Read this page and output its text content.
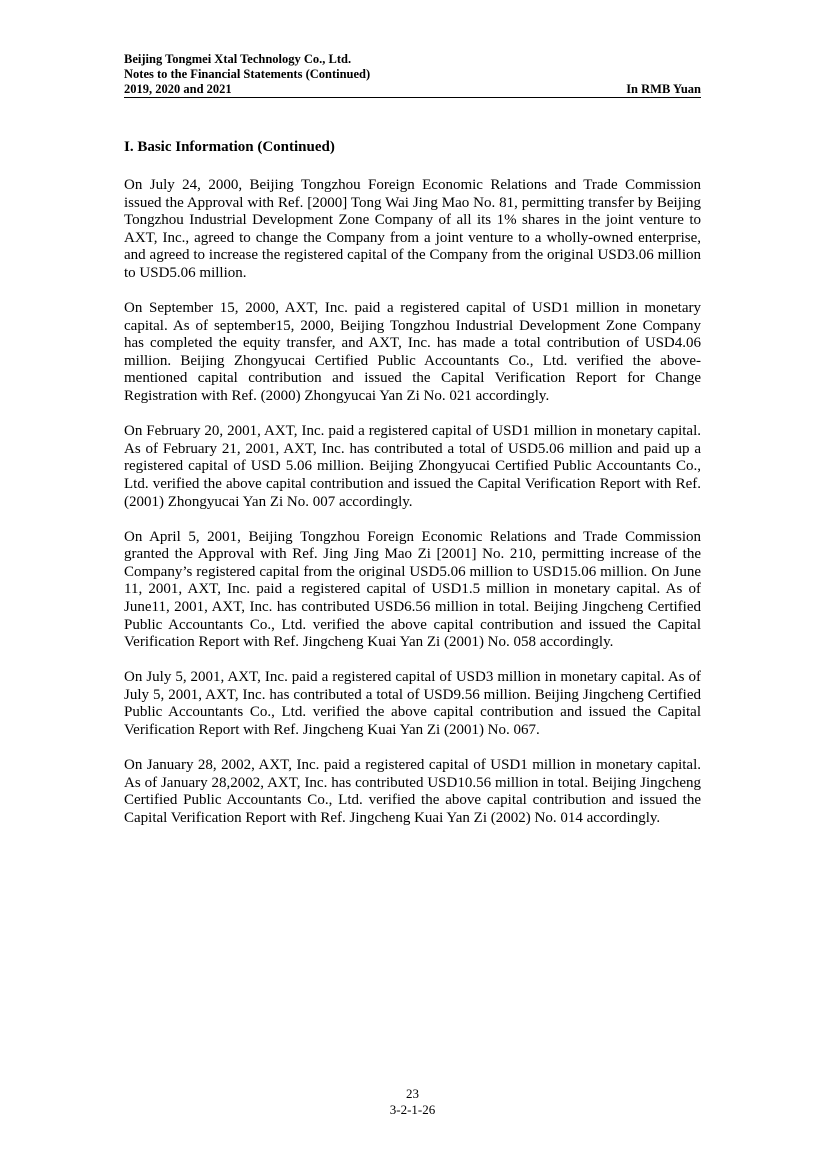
Beijing Tongmei Xtal Technology Co., Ltd.
Notes to the Financial Statements (Continued)
2019, 2020 and 2021	In RMB Yuan
I. Basic Information (Continued)

On July 24, 2000, Beijing Tongzhou Foreign Economic Relations and Trade Commission issued the Approval with Ref. [2000] Tong Wai Jing Mao No. 81, permitting transfer by Beijing Tongzhou Industrial Development Zone Company of all its 1% shares in the joint venture to AXT, Inc., agreed to change the Company from a joint venture to a wholly-owned enterprise, and agreed to increase the registered capital of the Company from the original USD3.06 million to USD5.06 million.

On September 15, 2000, AXT, Inc. paid a registered capital of USD1 million in monetary capital. As of september15, 2000, Beijing Tongzhou Industrial Development Zone Company has completed the equity transfer, and AXT, Inc. has made a total contribution of USD4.06 million. Beijing Zhongyucai Certified Public Accountants Co., Ltd. verified the above-mentioned capital contribution and issued the Capital Verification Report for Change Registration with Ref. (2000) Zhongyucai Yan Zi No. 021 accordingly.

On February 20, 2001, AXT, Inc. paid a registered capital of USD1 million in monetary capital. As of February 21, 2001, AXT, Inc. has contributed a total of USD5.06 million and paid up a registered capital of USD 5.06 million. Beijing Zhongyucai Certified Public Accountants Co., Ltd. verified the above capital contribution and issued the Capital Verification Report with Ref. (2001) Zhongyucai Yan Zi No. 007 accordingly.

On April 5, 2001, Beijing Tongzhou Foreign Economic Relations and Trade Commission granted the Approval with Ref. Jing Jing Mao Zi [2001] No. 210, permitting increase of the Company’s registered capital from the original USD5.06 million to USD15.06 million. On June 11, 2001, AXT, Inc. paid a registered capital of USD1.5 million in monetary capital. As of June11, 2001, AXT, Inc. has contributed USD6.56 million in total. Beijing Jingcheng Certified Public Accountants Co., Ltd. verified the above capital contribution and issued the Capital Verification Report with Ref. Jingcheng Kuai Yan Zi (2001) No. 058 accordingly.

On July 5, 2001, AXT, Inc. paid a registered capital of USD3 million in monetary capital. As of July 5, 2001, AXT, Inc. has contributed a total of USD9.56 million. Beijing Jingcheng Certified Public Accountants Co., Ltd. verified the above capital contribution and issued the Capital Verification Report with Ref. Jingcheng Kuai Yan Zi (2001) No. 067.

On January 28, 2002, AXT, Inc. paid a registered capital of USD1 million in monetary capital. As of January 28,2002, AXT, Inc. has contributed USD10.56 million in total. Beijing Jingcheng Certified Public Accountants Co., Ltd. verified the above capital contribution and issued the Capital Verification Report with Ref. Jingcheng Kuai Yan Zi (2002) No. 014 accordingly.

23
3-2-1-26
